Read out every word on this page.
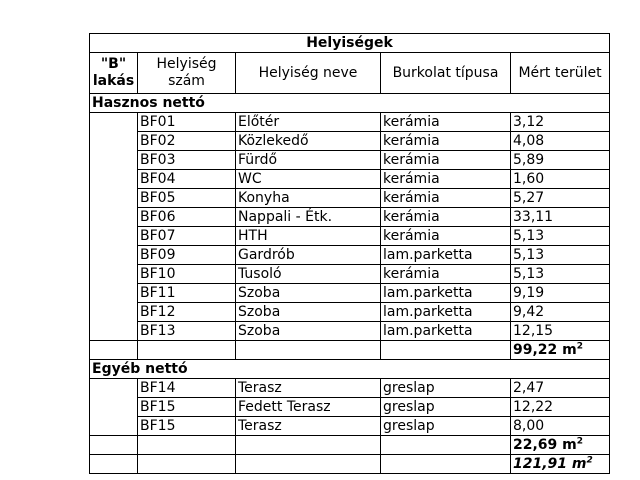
Helyiségek				
"B" lakás	Helyiség szám	Helyiség neve	Burkolat típusa	Mért terület
Hasznos nettó				
	BF01	Előtér	kerámia	3,12
	BF02	Közlekedő	kerámia	4,08
	BF03	Fürdő	kerámia	5,89
	BF04	WC	kerámia	1,60
	BF05	Konyha	kerámia	5,27
	BF06	Nappali - Étk.	kerámia	33,11
	BF07	HTH	kerámia	5,13
	BF09	Gardrób	lam.parketta	5,13
	BF10	Tusoló	kerámia	5,13
	BF11	Szoba	lam.parketta	9,19
	BF12	Szoba	lam.parketta	9,42
	BF13	Szoba	lam.parketta	12,15
				99,22 $m^2$
Egyéb nettó				
	BF14	Terasz	greslap	2,47
	BF15	Fedett Terasz	greslap	12,22
	BF15	Terasz	greslap	8,00
				22,69 $m^2$
				121,91 $m^2$
